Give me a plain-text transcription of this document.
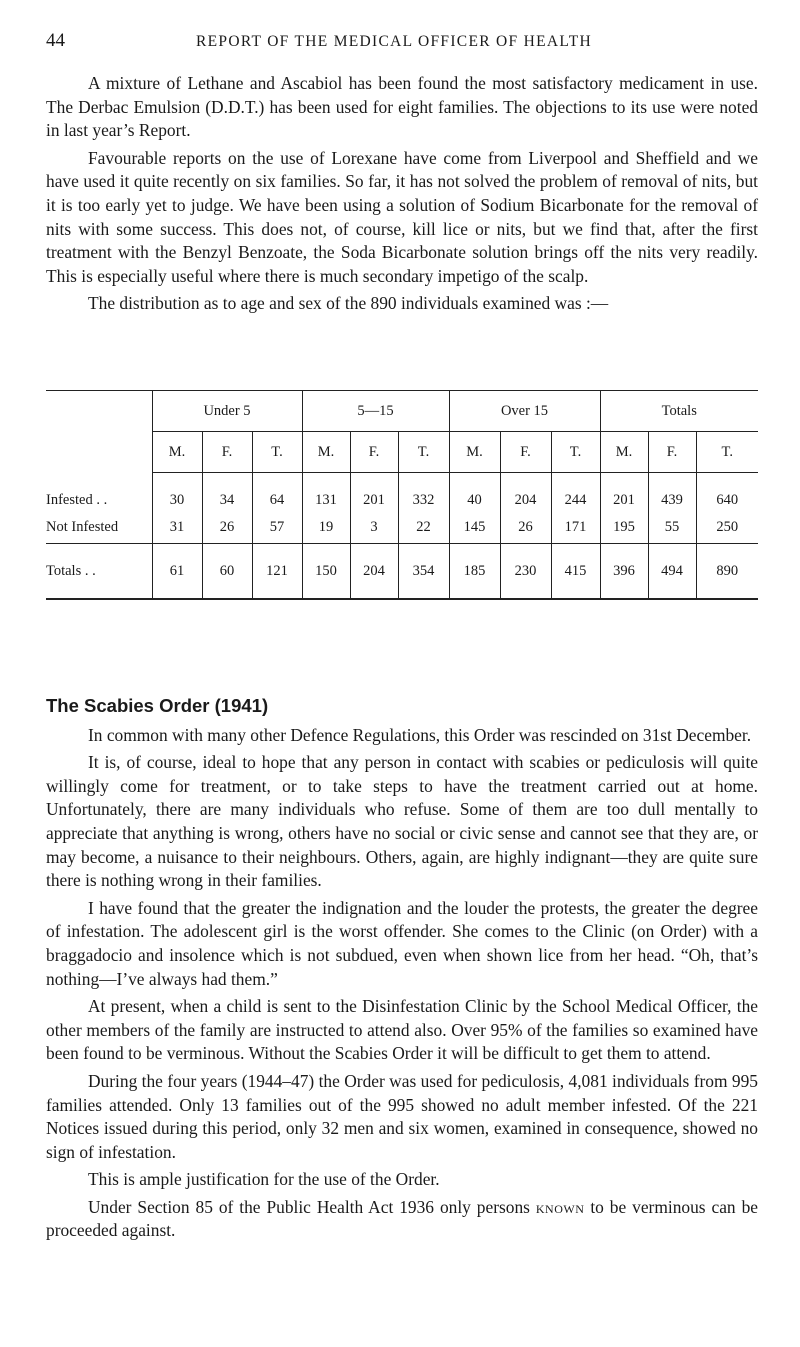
44	REPORT OF THE MEDICAL OFFICER OF HEALTH

A mixture of Lethane and Ascabiol has been found the most satisfactory medicament in use. The Derbac Emulsion (D.D.T.) has been used for eight families. The objections to its use were noted in last year’s Report.

Favourable reports on the use of Lorexane have come from Liverpool and Sheffield and we have used it quite recently on six families. So far, it has not solved the problem of removal of nits, but it is too early yet to judge. We have been using a solution of Sodium Bicarbonate for the removal of nits with some success. This does not, of course, kill lice or nits, but we find that, after the first treatment with the Benzyl Benzoate, the Soda Bicarbonate solution brings off the nits very readily. This is especially useful where there is much secondary impetigo of the scalp.

The distribution as to age and sex of the 890 individuals examined was :—

	Under 5			5—15			Over 15			Totals		
	M.	F.	T.	M.	F.	T.	M.	F.	T.	M.	F.	T.
Infested . .	30	34	64	131	201	332	40	204	244	201	439	640
Not Infested	31	26	57	19	3	22	145	26	171	195	55	250
Totals . .	61	60	121	150	204	354	185	230	415	396	494	890
The Scabies Order (1941)

In common with many other Defence Regulations, this Order was rescinded on 31st December.

It is, of course, ideal to hope that any person in contact with scabies or pediculosis will quite willingly come for treatment, or to take steps to have the treatment carried out at home. Unfortunately, there are many individuals who refuse. Some of them are too dull mentally to appreciate that anything is wrong, others have no social or civic sense and cannot see that they are, or may become, a nuisance to their neighbours. Others, again, are highly indignant—they are quite sure there is nothing wrong in their families.

I have found that the greater the indignation and the louder the protests, the greater the degree of infestation. The adolescent girl is the worst offender. She comes to the Clinic (on Order) with a braggadocio and insolence which is not subdued, even when shown lice from her head. “Oh, that’s nothing—I’ve always had them.”

At present, when a child is sent to the Disinfestation Clinic by the School Medical Officer, the other members of the family are instructed to attend also. Over 95% of the families so examined have been found to be verminous. Without the Scabies Order it will be difficult to get them to attend.

During the four years (1944–47) the Order was used for pediculosis, 4,081 individuals from 995 families attended. Only 13 families out of the 995 showed no adult member infested. Of the 221 Notices issued during this period, only 32 men and six women, examined in consequence, showed no sign of infestation.

This is ample justification for the use of the Order.

Under Section 85 of the Public Health Act 1936 only persons known to be verminous can be proceeded against.
